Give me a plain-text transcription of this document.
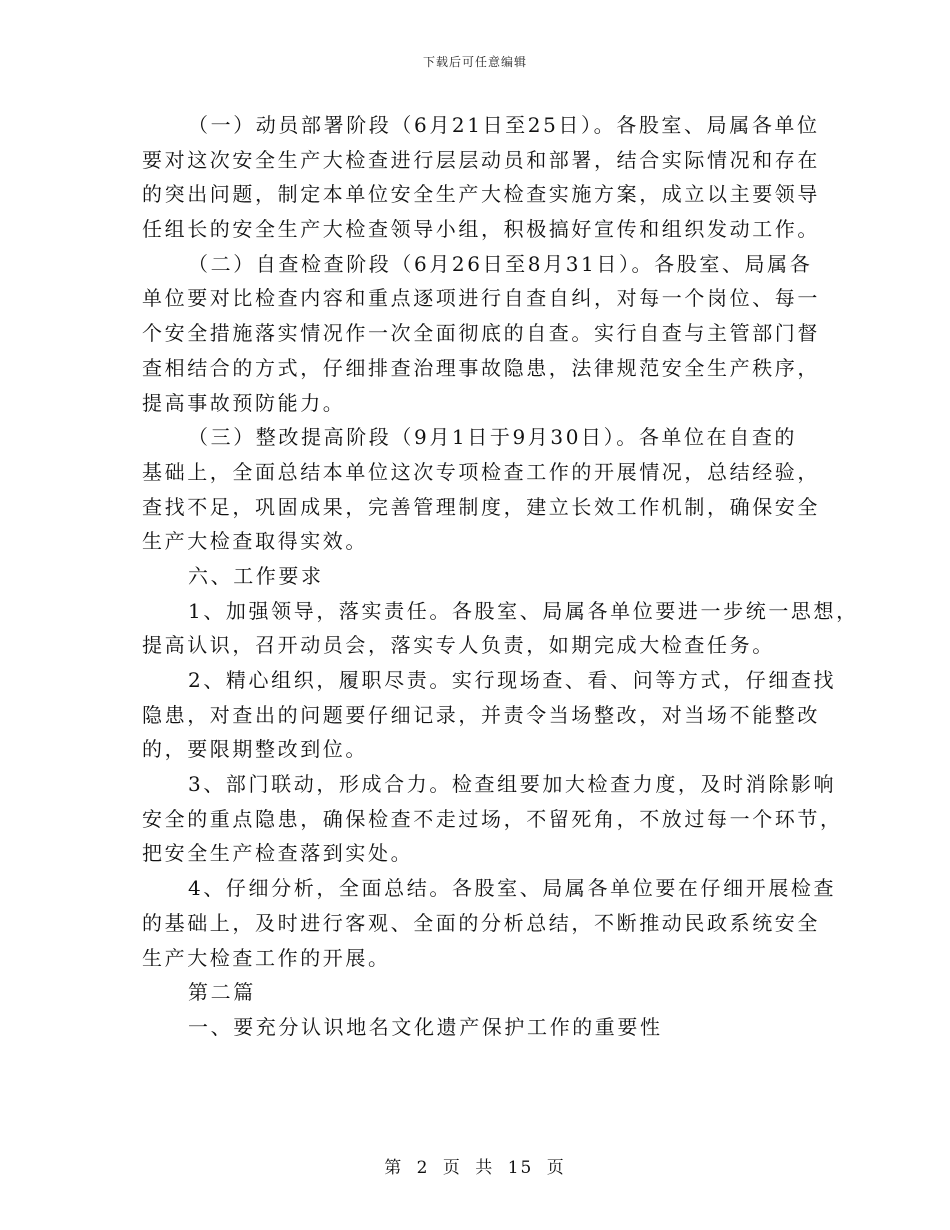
下载后可任意编辑
（一）动员部署阶段（6月21日至25日）。各股室、局属各单位
要对这次安全生产大检查进行层层动员和部署，结合实际情况和存在
的突出问题，制定本单位安全生产大检查实施方案，成立以主要领导
任组长的安全生产大检查领导小组，积极搞好宣传和组织发动工作。
（二）自查检查阶段（6月26日至8月31日）。各股室、局属各
单位要对比检查内容和重点逐项进行自查自纠，对每一个岗位、每一
个安全措施落实情况作一次全面彻底的自查。实行自查与主管部门督
查相结合的方式，仔细排查治理事故隐患，法律规范安全生产秩序，
提高事故预防能力。
（三）整改提高阶段（9月1日于9月30日）。各单位在自查的
基础上，全面总结本单位这次专项检查工作的开展情况，总结经验，
查找不足，巩固成果，完善管理制度，建立长效工作机制，确保安全
生产大检查取得实效。
六、工作要求
1、加强领导，落实责任。各股室、局属各单位要进一步统一思想，
提高认识，召开动员会，落实专人负责，如期完成大检查任务。
2、精心组织，履职尽责。实行现场查、看、问等方式，仔细查找
隐患，对查出的问题要仔细记录，并责令当场整改，对当场不能整改
的，要限期整改到位。
3、部门联动，形成合力。检查组要加大检查力度，及时消除影响
安全的重点隐患，确保检查不走过场，不留死角，不放过每一个环节，
把安全生产检查落到实处。
4、仔细分析，全面总结。各股室、局属各单位要在仔细开展检查
的基础上，及时进行客观、全面的分析总结，不断推动民政系统安全
生产大检查工作的开展。
第二篇
一、要充分认识地名文化遗产保护工作的重要性
第 2 页 共 15 页
